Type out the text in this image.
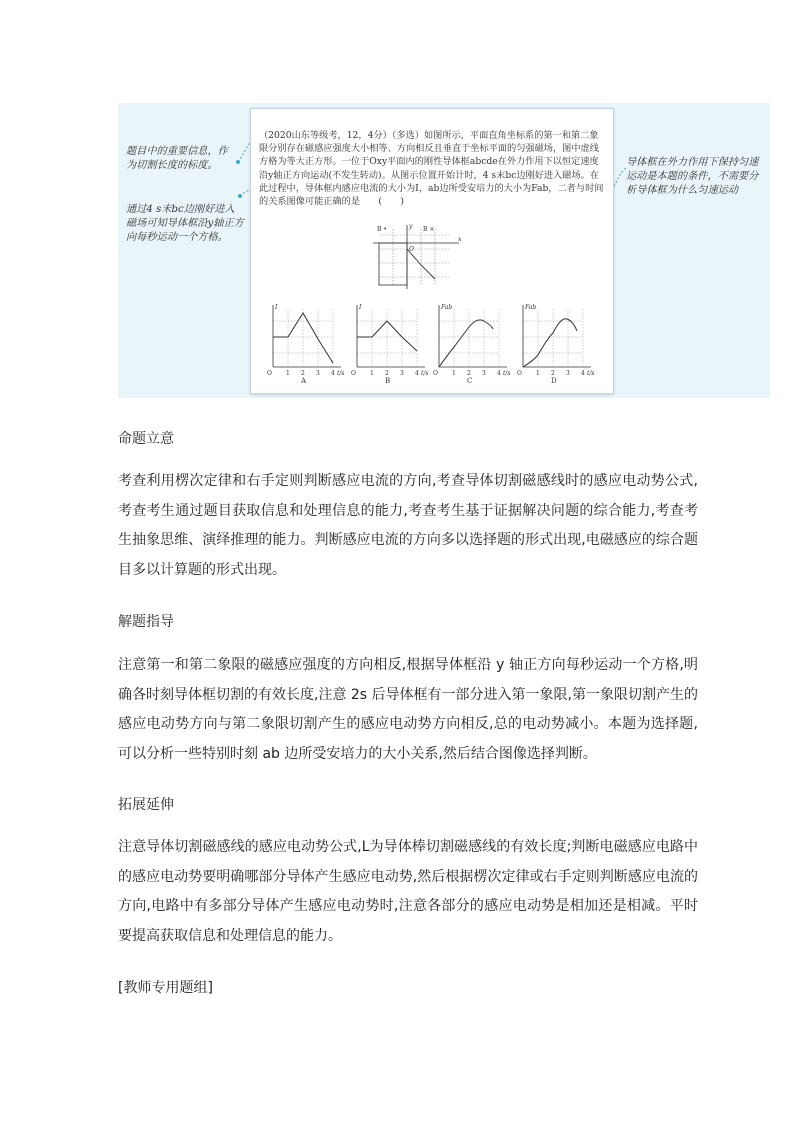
题目中的重要信息，作为切割长度的标度。

通过4 s末bc边刚好进入磁场可知导体框沿y轴正方向每秒运动一个方格。

导体框在外力作用下保持匀速运动是本题的条件，不需要分析导体框为什么匀速运动

（2020山东等级考，12，4分）（多选）如图所示，平面直角坐标系的第一和第二象限分别存在磁感应强度大小相等、方向相反且垂直于坐标平面的匀强磁场，图中虚线方格为等大正方形。一位于Oxy平面内的刚性导体框abcde在外力作用下以恒定速度沿y轴正方向运动(不发生转动)。从图示位置开始计时，4 s末bc边刚好进入磁场。在此过程中，导体框内感应电流的大小为I，ab边所受安培力的大小为Fab，二者与时间的关系图像可能正确的是　　(　　)

B •	B ×
y
x
O
I
O 1 2 3 4 t/s
A
I
O 1 2 3 4 t/s
B
Fab
O 1 2 3 4 t/s
C
Fab
O 1 2 3 4 t/s
D

命题立意

考查利用楞次定律和右手定则判断感应电流的方向,考查导体切割磁感线时的感应电动势公式,考查考生通过题目获取信息和处理信息的能力,考查考生基于证据解决问题的综合能力,考查考生抽象思维、演绎推理的能力。判断感应电流的方向多以选择题的形式出现,电磁感应的综合题目多以计算题的形式出现。

解题指导

注意第一和第二象限的磁感应强度的方向相反,根据导体框沿 y 轴正方向每秒运动一个方格,明确各时刻导体框切割的有效长度,注意 2s 后导体框有一部分进入第一象限,第一象限切割产生的感应电动势方向与第二象限切割产生的感应电动势方向相反,总的电动势减小。本题为选择题,可以分析一些特别时刻 ab 边所受安培力的大小关系,然后结合图像选择判断。

拓展延伸

注意导体切割磁感线的感应电动势公式,L为导体棒切割磁感线的有效长度;判断电磁感应电路中的感应电动势要明确哪部分导体产生感应电动势,然后根据楞次定律或右手定则判断感应电流的方向,电路中有多部分导体产生感应电动势时,注意各部分的感应电动势是相加还是相减。平时要提高获取信息和处理信息的能力。

[教师专用题组]
